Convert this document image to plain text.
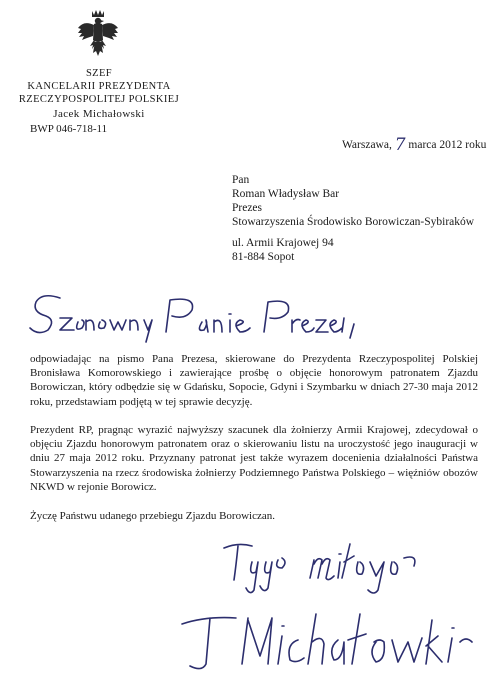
SZEF
KANCELARII PREZYDENTA
RZECZYPOSPOLITEJ POLSKIEJ
Jacek Michałowski
BWP 046-718-11
Warszawa, 7 marca 2012 roku
Pan
Roman Władysław Bar
Prezes
Stowarzyszenia Środowisko Borowiczan-Sybiraków
ul. Armii Krajowej 94
81-884 Sopot

odpowiadając na pismo Pana Prezesa, skierowane do Prezydenta Rzeczypospolitej Polskiej Bronisława Komorowskiego i zawierające prośbę o objęcie honorowym patronatem Zjazdu Borowiczan, który odbędzie się w Gdańsku, Sopocie, Gdyni i Szymbarku w dniach 27-30 maja 2012 roku, przedstawiam podjętą w tej sprawie decyzję.

Prezydent RP, pragnąc wyrazić najwyższy szacunek dla żołnierzy Armii Krajowej, zdecydował o objęciu Zjazdu honorowym patronatem oraz o skierowaniu listu na uroczystość jego inauguracji w dniu 27 maja 2012 roku. Przyznany patronat jest także wyrazem docenienia działalności Państwa Stowarzyszenia na rzecz środowiska żołnierzy Podziemnego Państwa Polskiego – więźniów obozów NKWD w rejonie Borowicz.

Życzę Państwu udanego przebiegu Zjazdu Borowiczan.
